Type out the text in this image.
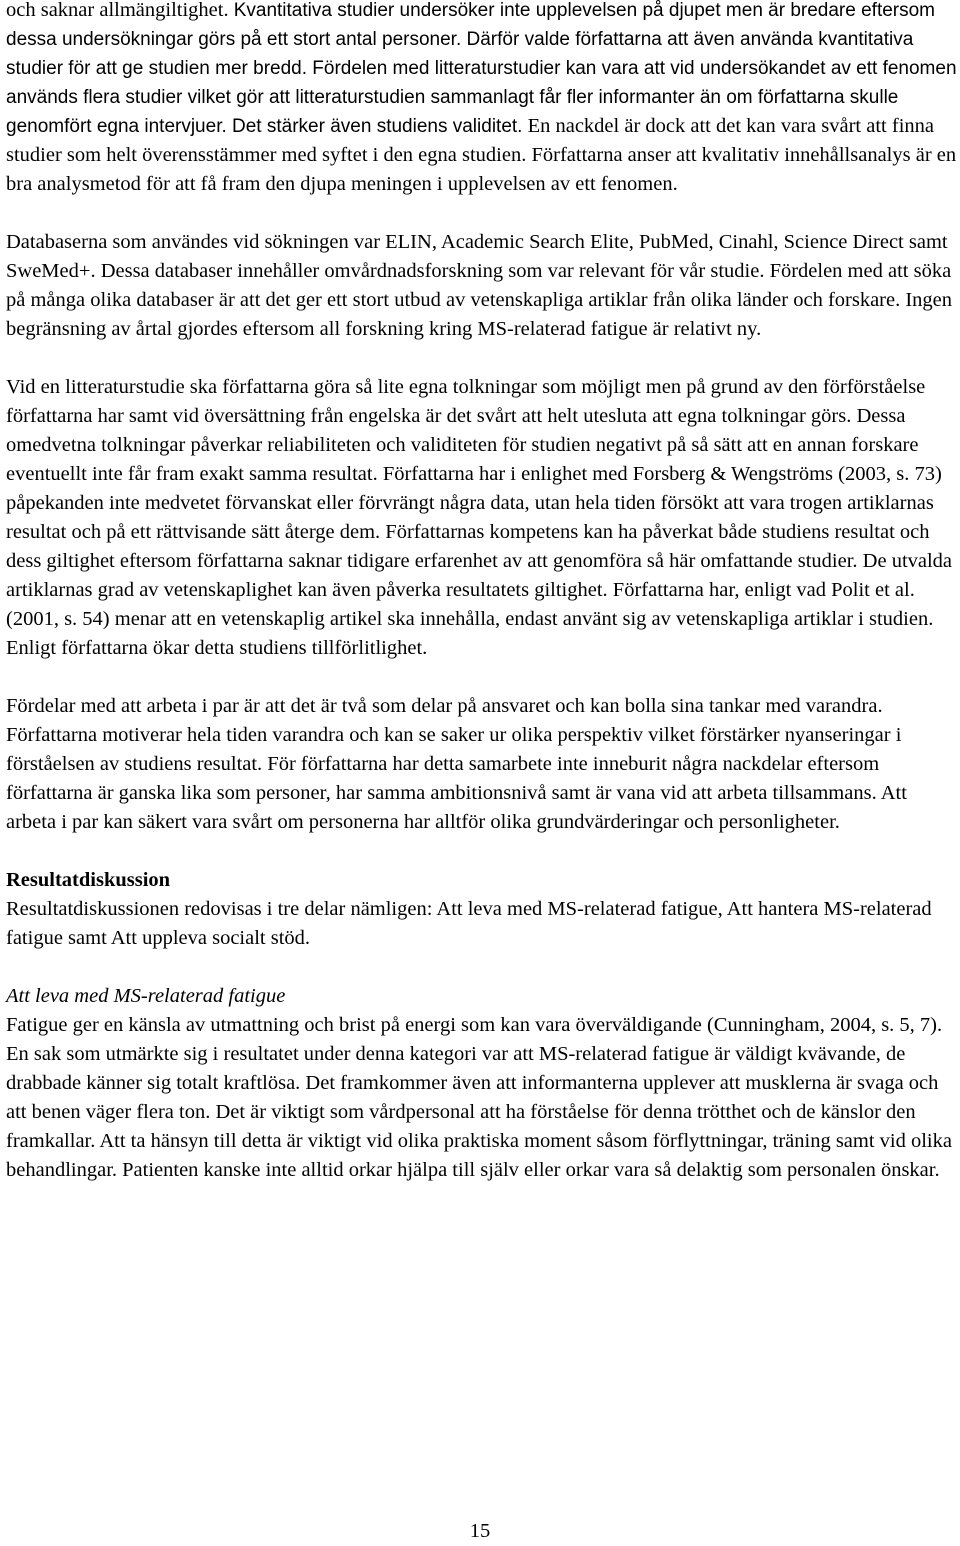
och saknar allmängiltighet. Kvantitativa studier undersöker inte upplevelsen på djupet men är bredare eftersom dessa undersökningar görs på ett stort antal personer. Därför valde författarna att även använda kvantitativa studier för att ge studien mer bredd. Fördelen med litteraturstudier kan vara att vid undersökandet av ett fenomen används flera studier vilket gör att litteraturstudien sammanlagt får fler informanter än om författarna skulle genomfört egna intervjuer. Det stärker även studiens validitet. En nackdel är dock att det kan vara svårt att finna studier som helt överensstämmer med syftet i den egna studien. Författarna anser att kvalitativ innehållsanalys är en bra analysmetod för att få fram den djupa meningen i upplevelsen av ett fenomen.

Databaserna som användes vid sökningen var ELIN, Academic Search Elite, PubMed, Cinahl, Science Direct samt SweMed+. Dessa databaser innehåller omvårdnadsforskning som var relevant för vår studie. Fördelen med att söka på många olika databaser är att det ger ett stort utbud av vetenskapliga artiklar från olika länder och forskare. Ingen begränsning av årtal gjordes eftersom all forskning kring MS-relaterad fatigue är relativt ny.

Vid en litteraturstudie ska författarna göra så lite egna tolkningar som möjligt men på grund av den förförståelse författarna har samt vid översättning från engelska är det svårt att helt utesluta att egna tolkningar görs. Dessa omedvetna tolkningar påverkar reliabiliteten och validiteten för studien negativt på så sätt att en annan forskare eventuellt inte får fram exakt samma resultat. Författarna har i enlighet med Forsberg & Wengströms (2003, s. 73) påpekanden inte medvetet förvanskat eller förvrängt några data, utan hela tiden försökt att vara trogen artiklarnas resultat och på ett rättvisande sätt återge dem. Författarnas kompetens kan ha påverkat både studiens resultat och dess giltighet eftersom författarna saknar tidigare erfarenhet av att genomföra så här omfattande studier. De utvalda artiklarnas grad av vetenskaplighet kan även påverka resultatets giltighet. Författarna har, enligt vad Polit et al. (2001, s. 54) menar att en vetenskaplig artikel ska innehålla, endast använt sig av vetenskapliga artiklar i studien. Enligt författarna ökar detta studiens tillförlitlighet.

Fördelar med att arbeta i par är att det är två som delar på ansvaret och kan bolla sina tankar med varandra. Författarna motiverar hela tiden varandra och kan se saker ur olika perspektiv vilket förstärker nyanseringar i förståelsen av studiens resultat. För författarna har detta samarbete inte inneburit några nackdelar eftersom författarna är ganska lika som personer, har samma ambitionsnivå samt är vana vid att arbeta tillsammans. Att arbeta i par kan säkert vara svårt om personerna har alltför olika grundvärderingar och personligheter.

Resultatdiskussion

Resultatdiskussionen redovisas i tre delar nämligen: Att leva med MS-relaterad fatigue, Att hantera MS-relaterad fatigue samt Att uppleva socialt stöd.

Att leva med MS-relaterad fatigue

Fatigue ger en känsla av utmattning och brist på energi som kan vara överväldigande (Cunningham, 2004, s. 5, 7). En sak som utmärkte sig i resultatet under denna kategori var att MS-relaterad fatigue är väldigt kvävande, de drabbade känner sig totalt kraftlösa. Det framkommer även att informanterna upplever att musklerna är svaga och att benen väger flera ton. Det är viktigt som vårdpersonal att ha förståelse för denna trötthet och de känslor den framkallar. Att ta hänsyn till detta är viktigt vid olika praktiska moment såsom förflyttningar, träning samt vid olika behandlingar. Patienten kanske inte alltid orkar hjälpa till själv eller orkar vara så delaktig som personalen önskar.

15
